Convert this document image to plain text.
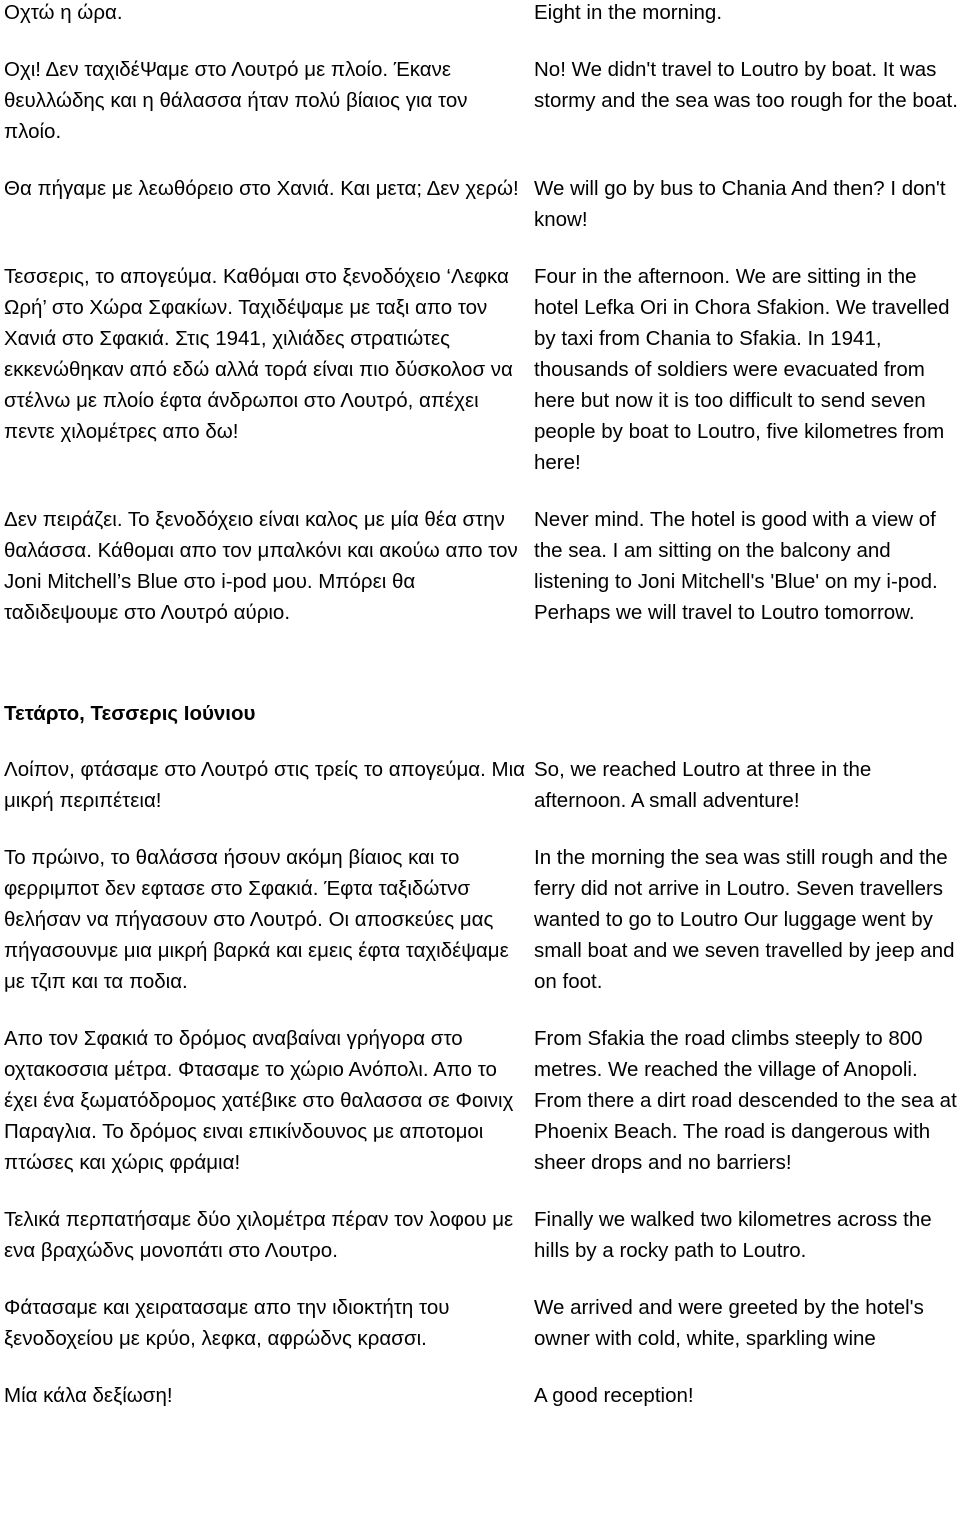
Οχτώ η ώρα.	Eight in the morning.

Οχι! Δεν ταχιδέΨαμε στο Λουτρό με πλοίο. Έκανε θευλλώδης και η θάλασσα ήταν πολύ βίαιος για τον πλοίο.

No! We didn't travel to Loutro by boat. It was stormy and the sea was too rough for the boat.

Θα πήγαμε με λεωθόρειο στο Χανιά. Και μετα; Δεν χερώ! We will go by bus to Chania And then? I don't know!

Τεσσερις, το απογεύμα. Καθόμαι στο ξενοδόχειο ‘Λεφκα Ωρή’ στο Χώρα Σφακίων. Ταχιδέψαμε με ταξι απο τον Χανιά στο Σφακιά. Στις 1941, χιλιάδες στρατιώτες εκκενώθηκαν από εδώ αλλά τορά είναι πιο δύσκολοσ να στέλνω με πλοίο έφτα άνδρωποι στο Λουτρό, απέχει πεντε χιλομέτρες απο δω!

Four in the afternoon. We are sitting in the hotel Lefka Ori in Chora Sfakion. We travelled by taxi from Chania to Sfakia. In 1941, thousands of soldiers were evacuated from here but now it is too difficult to send seven people by boat to Loutro, five kilometres from here!

Δεν πειράζει. Το ξενοδόχειο είναι καλος με μία θέα στην θαλάσσα. Κάθομαι απο τον μπαλκόνι και ακούω απο τον Joni Mitchell’s Blue στο i-pod μου. Μπόρει θα ταδιδεψουμε στο Λουτρό αύριο.

Never mind. The hotel is good with a view of the sea. I am sitting on the balcony and listening to Joni Mitchell's 'Blue' on my i-pod. Perhaps we will travel to Loutro tomorrow.

Τετάρτο, Τεσσερις Ιούνιου

Λοίπον, φτάσαμε στο Λουτρό στις τρείς το απογεύμα. Μια μικρή περιπέτεια!

So, we reached Loutro at three in the afternoon. A small adventure!

Το πρώινο, το θαλάσσα ήσουν ακόμη βίαιος και το φερριμποτ δεν εφτασε στο Σφακιά. Έφτα ταξιδώτνσ θελήσαν να πήγασουν στο Λουτρό. Οι αποσκεύες μας πήγασουνμε μια μικρή βαρκά και εμεις έφτα ταχιδέψαμε με τζιπ και τα ποδια.

In the morning the sea was still rough and the ferry did not arrive in Loutro. Seven travellers wanted to go to Loutro Our luggage went by small boat and we seven travelled by jeep and on foot.

Απο τον Σφακιά το δρόμος αναβαίναι γρήγορα στο οχτακοσσια μέτρα. Φτασαμε το χώριο Ανόπολι. Απο το έχει ένα ξωματόδρομος χατέβικε στο θαλασσα σε Φοινιχ Παραγλια. Το δρόμος ειναι επικίνδουνος με αποτομοι πτώσες και χώρις φράμια!

From Sfakia the road climbs steeply to 800 metres. We reached the village of Anopoli. From there a dirt road descended to the sea at Phoenix Beach. The road is dangerous with sheer drops and no barriers!

Τελικά περπατήσαμε δύο χιλομέτρα πέραν τον λοφου με ενα βραχώδνς μονοπάτι στο Λουτρο.

Finally we walked two kilometres across the hills by a rocky path to Loutro.

Φάτασαμε και χειρατασαμε απο την ιδιοκτήτη του ξενοδοχείου με κρύο, λεφκα, αφρώδνς κρασσι.

We arrived and were greeted by the hotel's owner with cold, white, sparkling wine

Μία κάλα δεξίωση!	A good reception!
